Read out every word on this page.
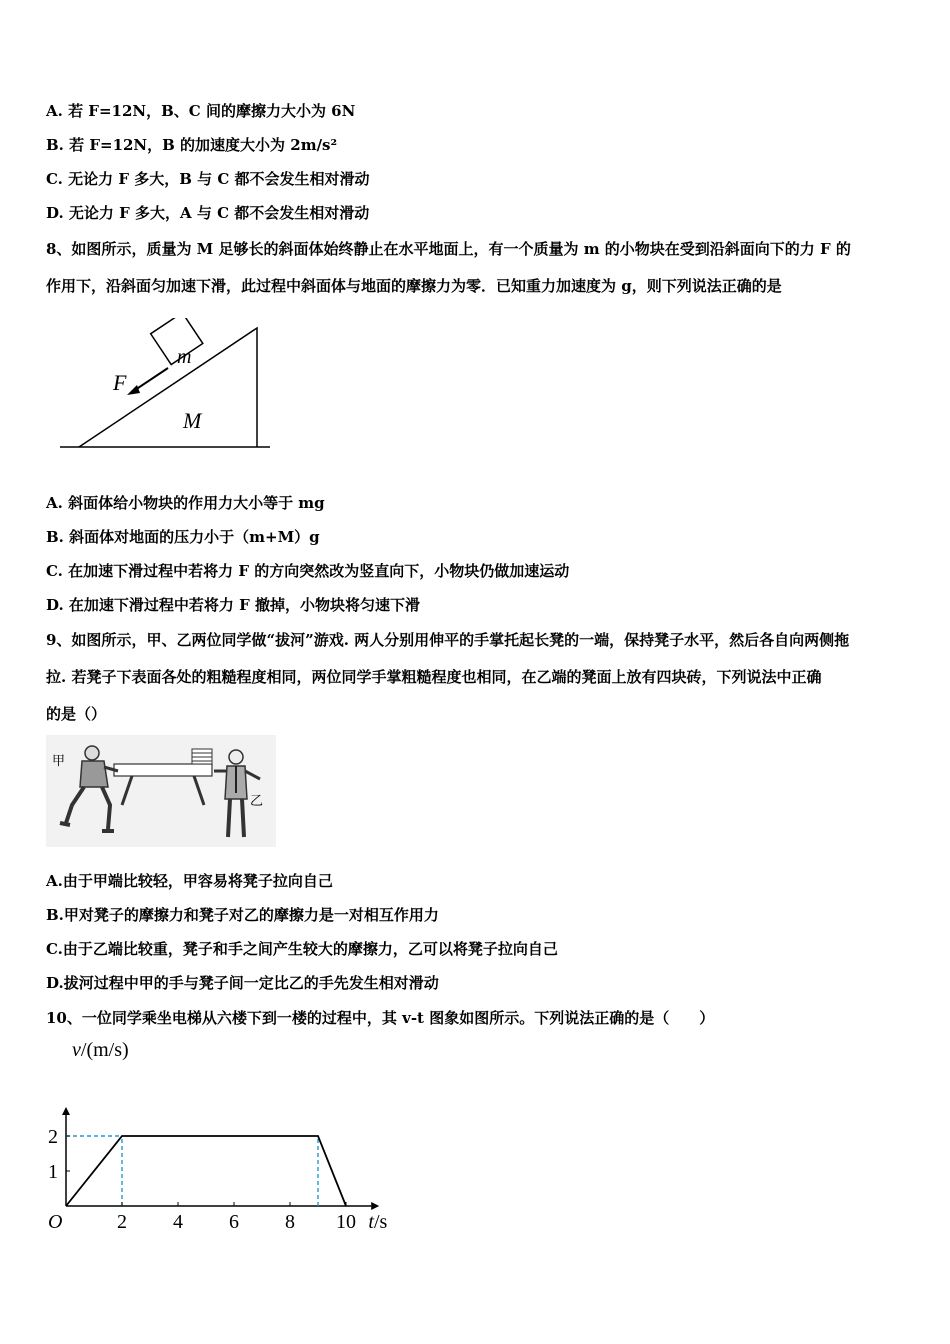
A. 若 F=12N，B、C 间的摩擦力大小为 6N
B. 若 F=12N，B 的加速度大小为 2m/s²
C. 无论力 F 多大，B 与 C 都不会发生相对滑动
D. 无论力 F 多大，A 与 C 都不会发生相对滑动
8、如图所示，质量为 M 足够长的斜面体始终静止在水平地面上，有一个质量为 m 的小物块在受到沿斜面向下的力 F 的
作用下，沿斜面匀加速下滑，此过程中斜面体与地面的摩擦力为零．已知重力加速度为 g，则下列说法正确的是
m
F
M
A. 斜面体给小物块的作用力大小等于 mg
B. 斜面体对地面的压力小于（m+M）g
C. 在加速下滑过程中若将力 F 的方向突然改为竖直向下，小物块仍做加速运动
D. 在加速下滑过程中若将力 F 撤掉，小物块将匀速下滑
9、如图所示，甲、乙两位同学做“拔河”游戏. 两人分别用伸平的手掌托起长凳的一端，保持凳子水平，然后各自向两侧拖
拉. 若凳子下表面各处的粗糙程度相同，两位同学手掌粗糙程度也相同，在乙端的凳面上放有四块砖，下列说法中正确
的是（）
甲
乙
A.由于甲端比较轻，甲容易将凳子拉向自己
B.甲对凳子的摩擦力和凳子对乙的摩擦力是一对相互作用力
C.由于乙端比较重，凳子和手之间产生较大的摩擦力，乙可以将凳子拉向自己
D.拔河过程中甲的手与凳子间一定比乙的手先发生相对滑动
10、一位同学乘坐电梯从六楼下到一楼的过程中，其 v-t 图象如图所示。下列说法正确的是（　　）
2 4 6 8 10
1
2
O	t/s
v/(m/s)
